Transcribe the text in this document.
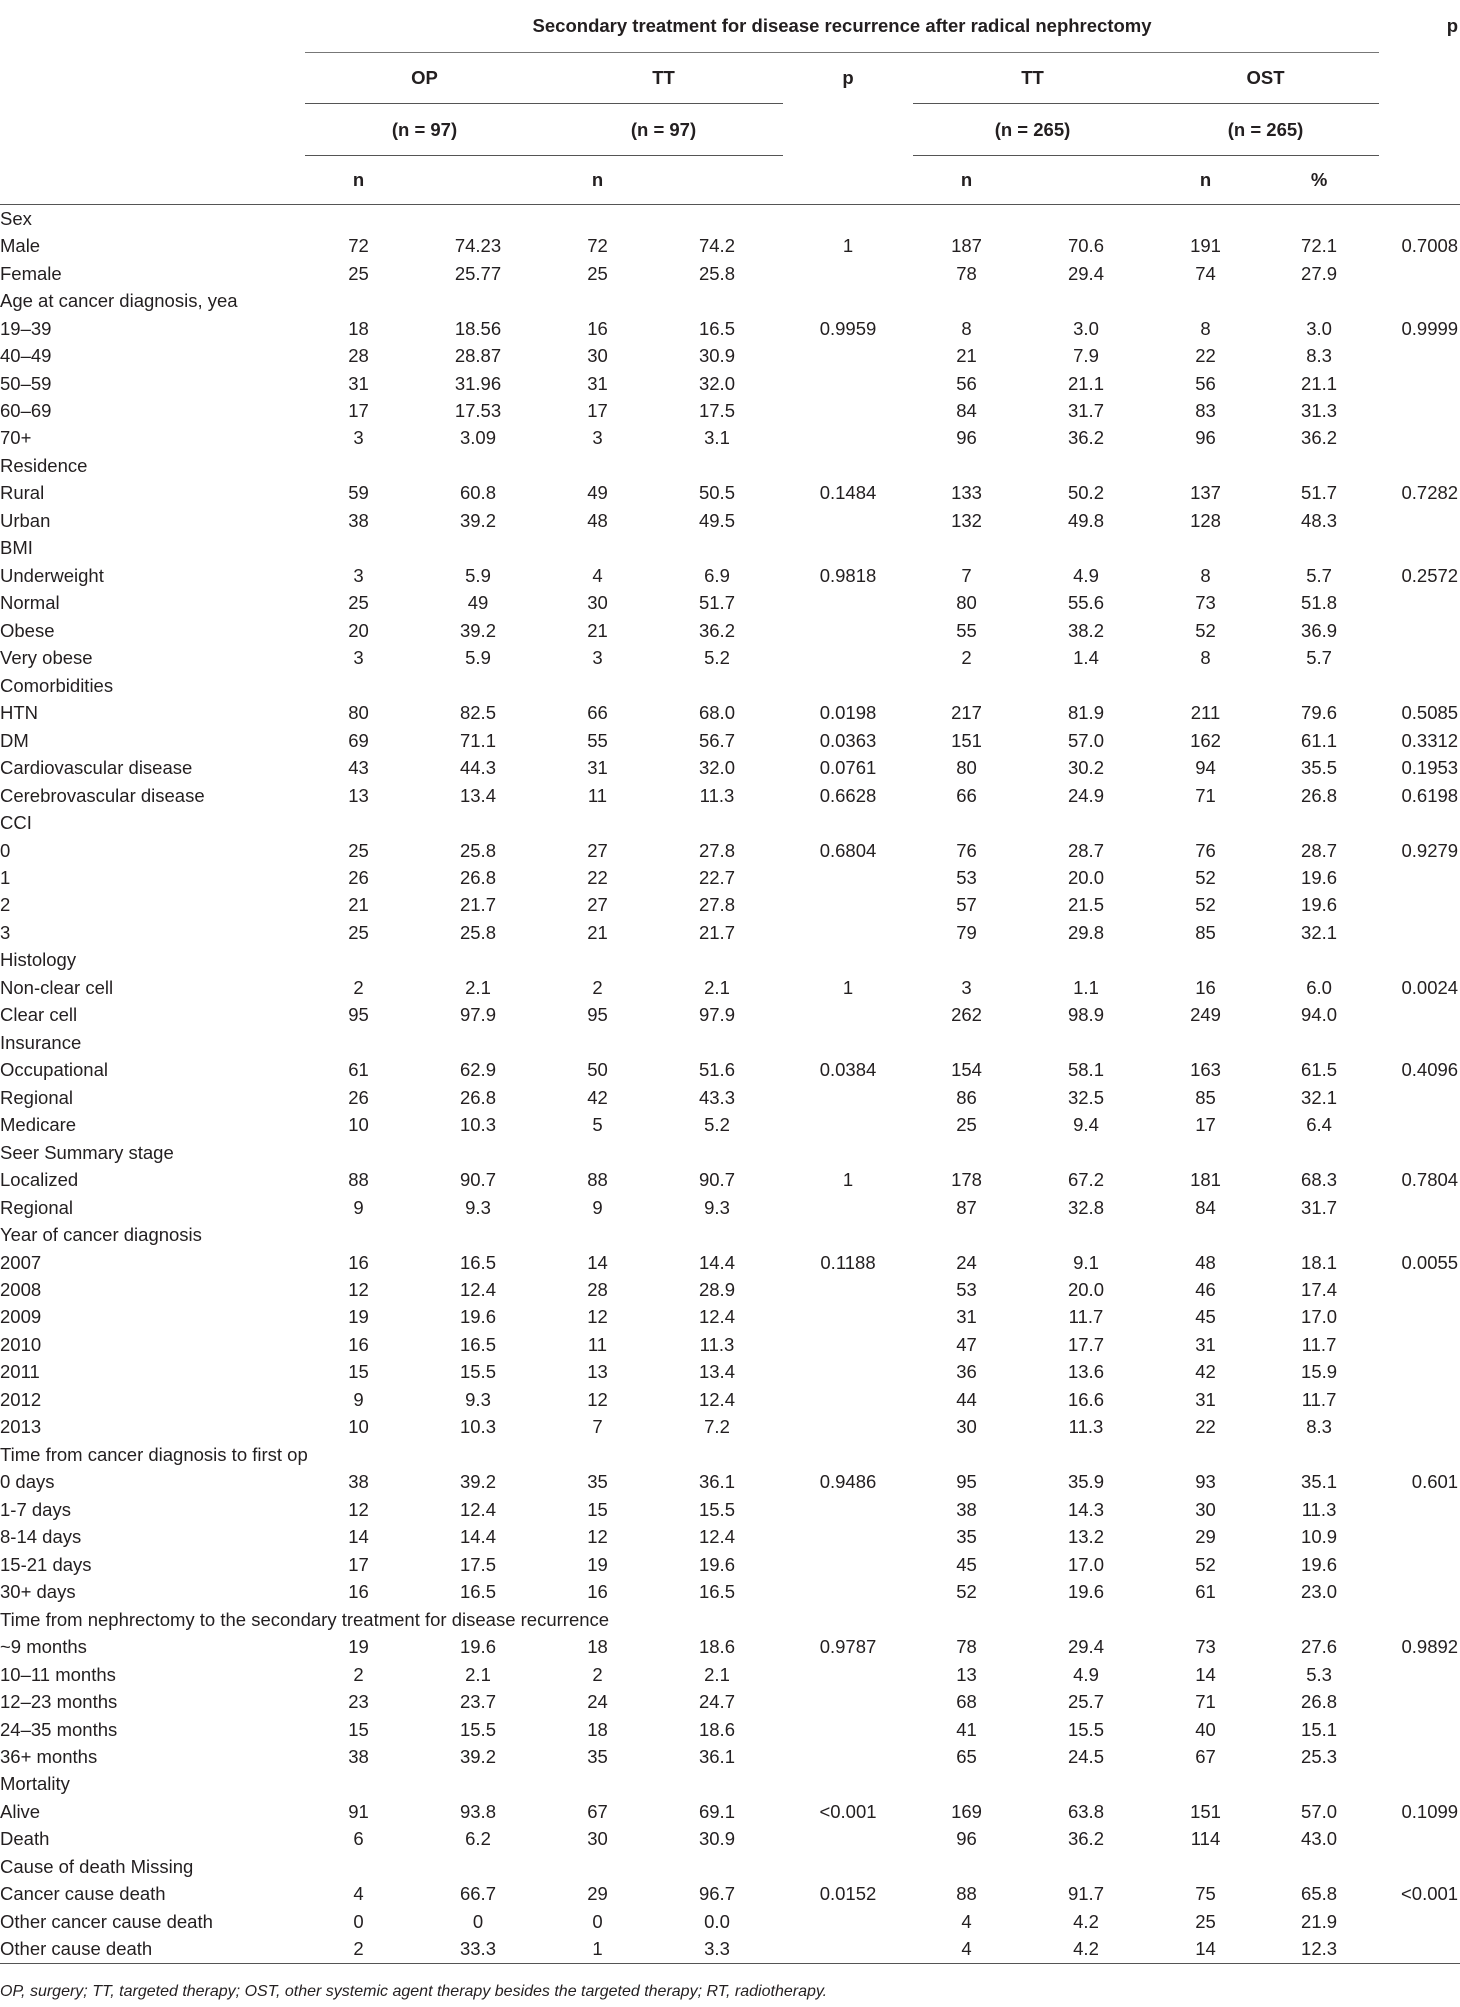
	Secondary treatment for disease recurrence after radical nephrectomy									p
	OP		TT		p	TT		OST		
	(n = 97)		(n = 97)			(n = 265)		(n = 265)		
	n		n			n		n	%	
Sex										
Male	72	74.23	72	74.2	1	187	70.6	191	72.1	0.7008
Female	25	25.77	25	25.8		78	29.4	74	27.9	
Age at cancer diagnosis, yea										
19–39	18	18.56	16	16.5	0.9959	8	3.0	8	3.0	0.9999
40–49	28	28.87	30	30.9		21	7.9	22	8.3	
50–59	31	31.96	31	32.0		56	21.1	56	21.1	
60–69	17	17.53	17	17.5		84	31.7	83	31.3	
70+	3	3.09	3	3.1		96	36.2	96	36.2	
Residence										
Rural	59	60.8	49	50.5	0.1484	133	50.2	137	51.7	0.7282
Urban	38	39.2	48	49.5		132	49.8	128	48.3	
BMI										
Underweight	3	5.9	4	6.9	0.9818	7	4.9	8	5.7	0.2572
Normal	25	49	30	51.7		80	55.6	73	51.8	
Obese	20	39.2	21	36.2		55	38.2	52	36.9	
Very obese	3	5.9	3	5.2		2	1.4	8	5.7	
Comorbidities										
HTN	80	82.5	66	68.0	0.0198	217	81.9	211	79.6	0.5085
DM	69	71.1	55	56.7	0.0363	151	57.0	162	61.1	0.3312
Cardiovascular disease	43	44.3	31	32.0	0.0761	80	30.2	94	35.5	0.1953
Cerebrovascular disease	13	13.4	11	11.3	0.6628	66	24.9	71	26.8	0.6198
CCI										
0	25	25.8	27	27.8	0.6804	76	28.7	76	28.7	0.9279
1	26	26.8	22	22.7		53	20.0	52	19.6	
2	21	21.7	27	27.8		57	21.5	52	19.6	
3	25	25.8	21	21.7		79	29.8	85	32.1	
Histology										
Non-clear cell	2	2.1	2	2.1	1	3	1.1	16	6.0	0.0024
Clear cell	95	97.9	95	97.9		262	98.9	249	94.0	
Insurance										
Occupational	61	62.9	50	51.6	0.0384	154	58.1	163	61.5	0.4096
Regional	26	26.8	42	43.3		86	32.5	85	32.1	
Medicare	10	10.3	5	5.2		25	9.4	17	6.4	
Seer Summary stage										
Localized	88	90.7	88	90.7	1	178	67.2	181	68.3	0.7804
Regional	9	9.3	9	9.3		87	32.8	84	31.7	
Year of cancer diagnosis										
2007	16	16.5	14	14.4	0.1188	24	9.1	48	18.1	0.0055
2008	12	12.4	28	28.9		53	20.0	46	17.4	
2009	19	19.6	12	12.4		31	11.7	45	17.0	
2010	16	16.5	11	11.3		47	17.7	31	11.7	
2011	15	15.5	13	13.4		36	13.6	42	15.9	
2012	9	9.3	12	12.4		44	16.6	31	11.7	
2013	10	10.3	7	7.2		30	11.3	22	8.3	
Time from cancer diagnosis to first op										
0 days	38	39.2	35	36.1	0.9486	95	35.9	93	35.1	0.601
1-7 days	12	12.4	15	15.5		38	14.3	30	11.3	
8-14 days	14	14.4	12	12.4		35	13.2	29	10.9	
15-21 days	17	17.5	19	19.6		45	17.0	52	19.6	
30+ days	16	16.5	16	16.5		52	19.6	61	23.0	
Time from nephrectomy to the secondary treatment for disease recurrence										
~9 months	19	19.6	18	18.6	0.9787	78	29.4	73	27.6	0.9892
10–11 months	2	2.1	2	2.1		13	4.9	14	5.3	
12–23 months	23	23.7	24	24.7		68	25.7	71	26.8	
24–35 months	15	15.5	18	18.6		41	15.5	40	15.1	
36+ months	38	39.2	35	36.1		65	24.5	67	25.3	
Mortality										
Alive	91	93.8	67	69.1	<0.001	169	63.8	151	57.0	0.1099
Death	6	6.2	30	30.9		96	36.2	114	43.0	
Cause of death Missing										
Cancer cause death	4	66.7	29	96.7	0.0152	88	91.7	75	65.8	<0.001
Other cancer cause death	0	0	0	0.0		4	4.2	25	21.9	
Other cause death	2	33.3	1	3.3		4	4.2	14	12.3	
OP, surgery; TT, targeted therapy; OST, other systemic agent therapy besides the targeted therapy; RT, radiotherapy.
